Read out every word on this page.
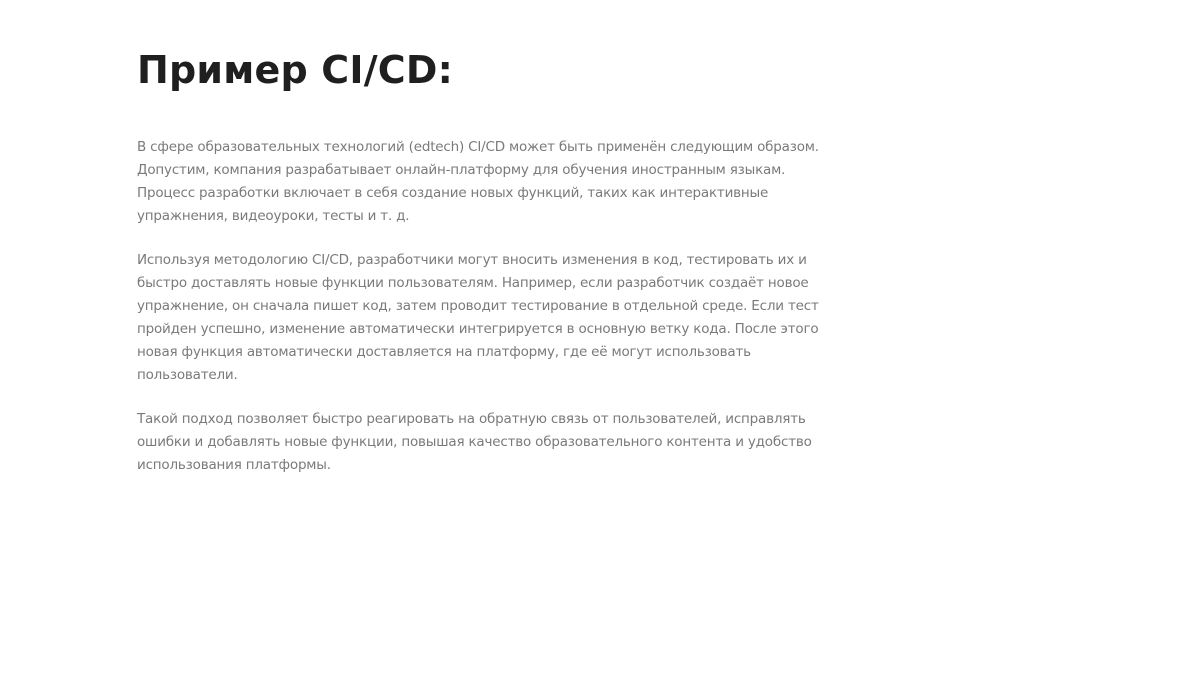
Пример CI/CD:

В сфере образовательных технологий (edtech) CI/CD может быть применён следующим образом. Допустим, компания разрабатывает онлайн-платформу для обучения иностранным языкам. Процесс разработки включает в себя создание новых функций, таких как интерактивные упражнения, видеоуроки, тесты и т. д.

Используя методологию CI/CD, разработчики могут вносить изменения в код, тестировать их и быстро доставлять новые функции пользователям. Например, если разработчик создаёт новое упражнение, он сначала пишет код, затем проводит тестирование в отдельной среде. Если тест пройден успешно, изменение автоматически интегрируется в основную ветку кода. После этого новая функция автоматически доставляется на платформу, где её могут использовать пользователи.

Такой подход позволяет быстро реагировать на обратную связь от пользователей, исправлять ошибки и добавлять новые функции, повышая качество образовательного контента и удобство использования платформы.
